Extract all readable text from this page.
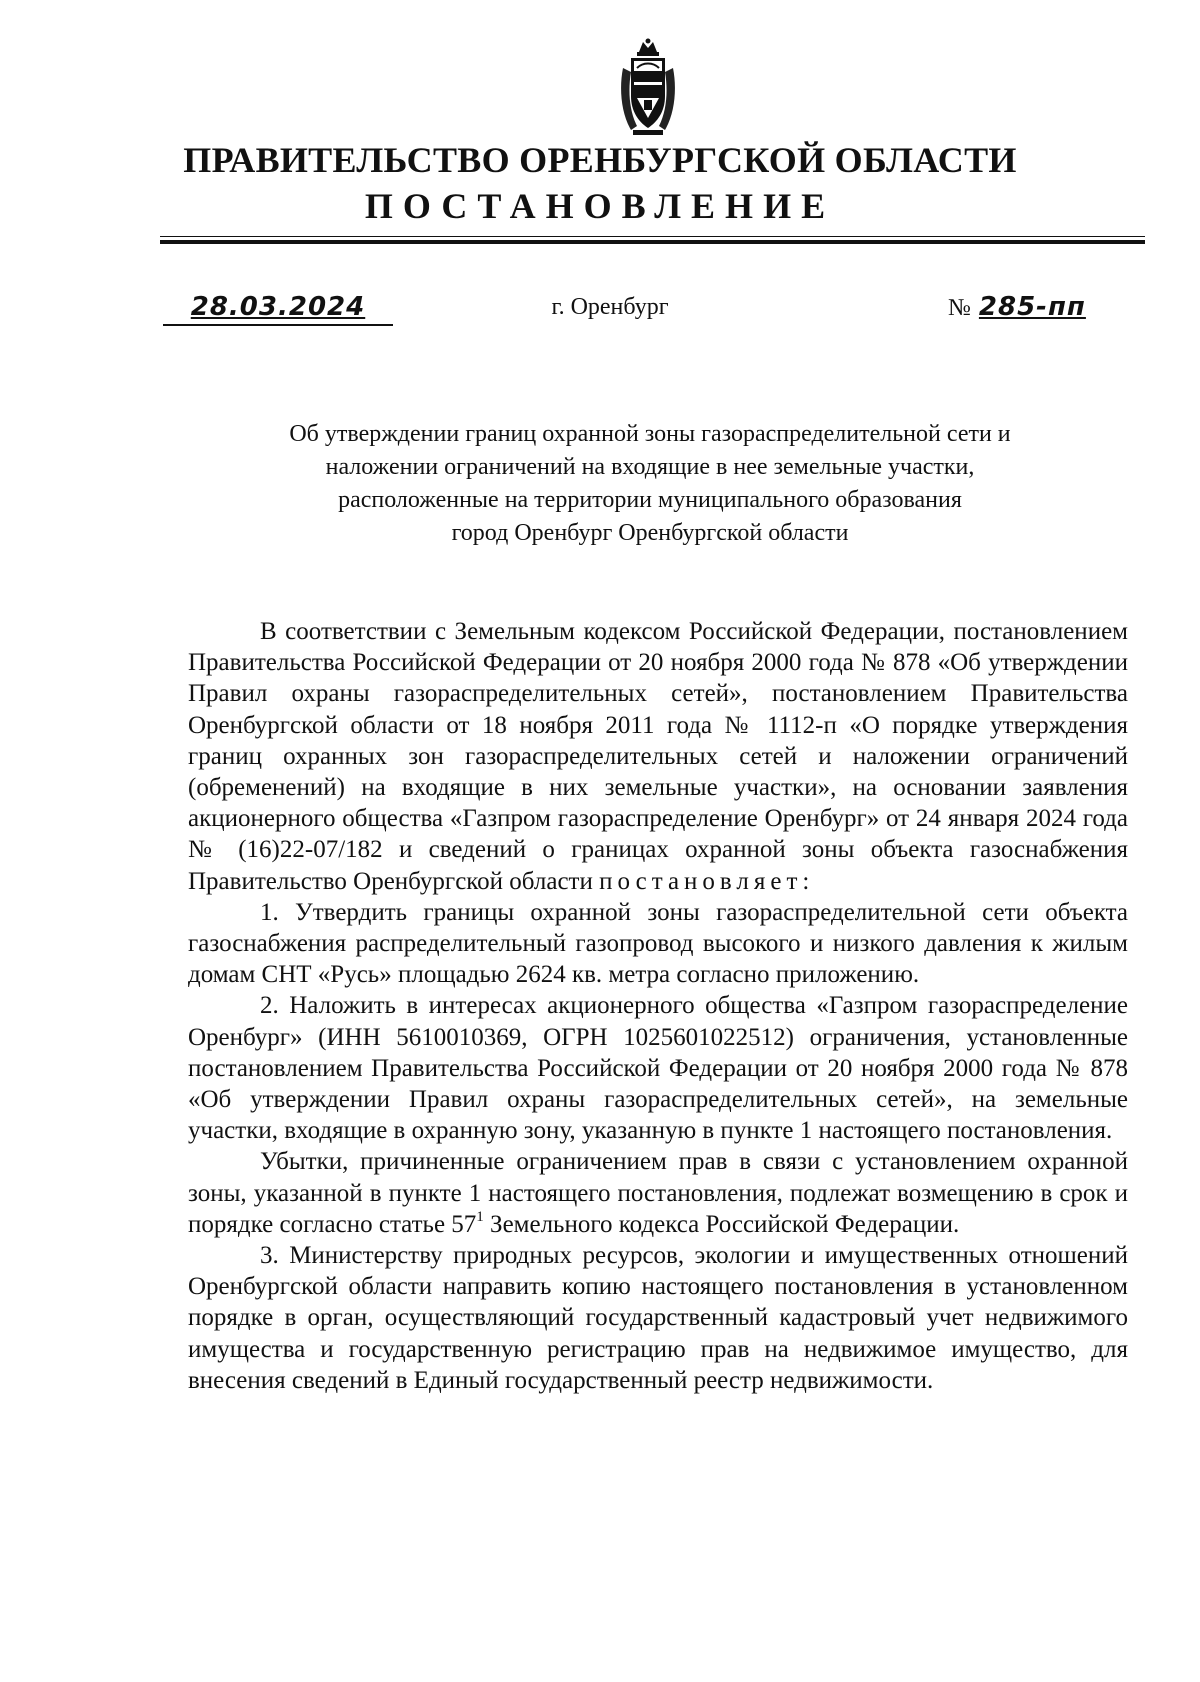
ПРАВИТЕЛЬСТВО ОРЕНБУРГСКОЙ ОБЛАСТИ
ПОСТАНОВЛЕНИЕ
28.03.2024	г. Оренбург	№ 285-пп
Об утверждении границ охранной зоны газораспределительной сети и
наложении ограничений на входящие в нее земельные участки,
расположенные на территории муниципального образования
город Оренбург Оренбургской области

В соответствии с Земельным кодексом Российской Федерации, постановлением Правительства Российской Федерации от 20 ноября 2000 года № 878 «Об утверждении Правил охраны газораспределительных сетей», постановлением Правительства Оренбургской области от 18 ноября 2011 года № 1112-п «О порядке утверждения границ охранных зон газораспределительных сетей и наложении ограничений (обременений) на входящие в них земельные участки», на основании заявления акционерного общества «Газпром газораспределение Оренбург» от 24 января 2024 года № (16)22-07/182 и сведений о границах охранной зоны объекта газоснабжения Правительство Оренбургской области постановляет:

1. Утвердить границы охранной зоны газораспределительной сети объекта газоснабжения распределительный газопровод высокого и низкого давления к жилым домам СНТ «Русь» площадью 2624 кв. метра согласно приложению.

2. Наложить в интересах акционерного общества «Газпром газораспределение Оренбург» (ИНН 5610010369, ОГРН 1025601022512) ограничения, установленные постановлением Правительства Российской Федерации от 20 ноября 2000 года № 878 «Об утверждении Правил охраны газораспределительных сетей», на земельные участки, входящие в охранную зону, указанную в пункте 1 настоящего постановления.

Убытки, причиненные ограничением прав в связи с установлением охранной зоны, указанной в пункте 1 настоящего постановления, подлежат возмещению в срок и порядке согласно статье $57^1$ Земельного кодекса Российской Федерации.

3. Министерству природных ресурсов, экологии и имущественных отношений Оренбургской области направить копию настоящего постановления в установленном порядке в орган, осуществляющий государственный кадастровый учет недвижимого имущества и государственную регистрацию прав на недвижимое имущество, для внесения сведений в Единый государственный реестр недвижимости.
